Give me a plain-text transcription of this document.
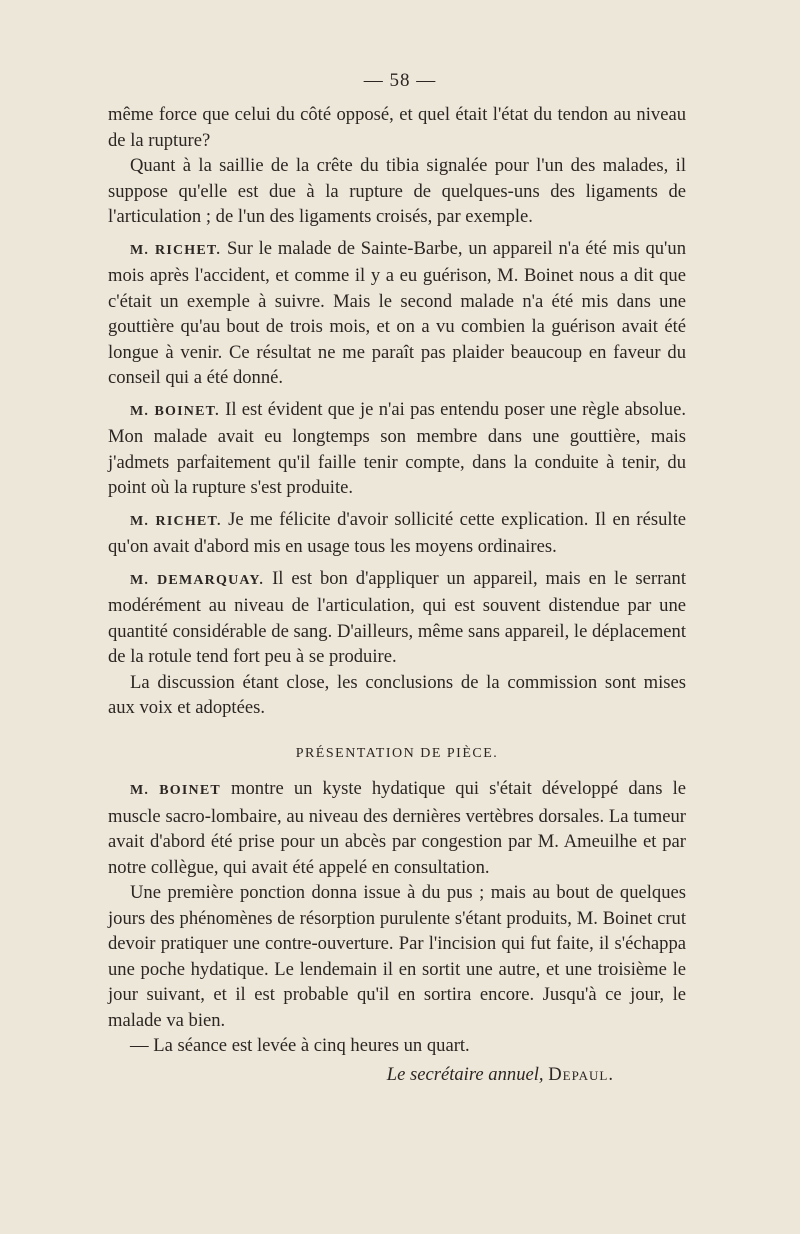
— 58 —

même force que celui du côté opposé, et quel était l'état du tendon au niveau de la rupture?

Quant à la saillie de la crête du tibia signalée pour l'un des malades, il suppose qu'elle est due à la rupture de quelques-uns des ligaments de l'articulation ; de l'un des ligaments croisés, par exemple.

M. RICHET. Sur le malade de Sainte-Barbe, un appareil n'a été mis qu'un mois après l'accident, et comme il y a eu guérison, M. Boinet nous a dit que c'était un exemple à suivre. Mais le second malade n'a été mis dans une gouttière qu'au bout de trois mois, et on a vu combien la guérison avait été longue à venir. Ce résultat ne me paraît pas plaider beaucoup en faveur du conseil qui a été donné.

M. BOINET. Il est évident que je n'ai pas entendu poser une règle absolue. Mon malade avait eu longtemps son membre dans une gouttière, mais j'admets parfaitement qu'il faille tenir compte, dans la conduite à tenir, du point où la rupture s'est produite.

M. RICHET. Je me félicite d'avoir sollicité cette explication. Il en résulte qu'on avait d'abord mis en usage tous les moyens ordinaires.

M. DEMARQUAY. Il est bon d'appliquer un appareil, mais en le serrant modérément au niveau de l'articulation, qui est souvent distendue par une quantité considérable de sang. D'ailleurs, même sans appareil, le déplacement de la rotule tend fort peu à se produire.

La discussion étant close, les conclusions de la commission sont mises aux voix et adoptées.

PRÉSENTATION DE PIÈCE.

M. BOINET montre un kyste hydatique qui s'était développé dans le muscle sacro-lombaire, au niveau des dernières vertèbres dorsales. La tumeur avait d'abord été prise pour un abcès par congestion par M. Ameuilhe et par notre collègue, qui avait été appelé en consultation.

Une première ponction donna issue à du pus ; mais au bout de quelques jours des phénomènes de résorption purulente s'étant produits, M. Boinet crut devoir pratiquer une contre-ouverture. Par l'incision qui fut faite, il s'échappa une poche hydatique. Le lendemain il en sortit une autre, et une troisième le jour suivant, et il est probable qu'il en sortira encore. Jusqu'à ce jour, le malade va bien.

— La séance est levée à cinq heures un quart.

Le secrétaire annuel, Depaul.
